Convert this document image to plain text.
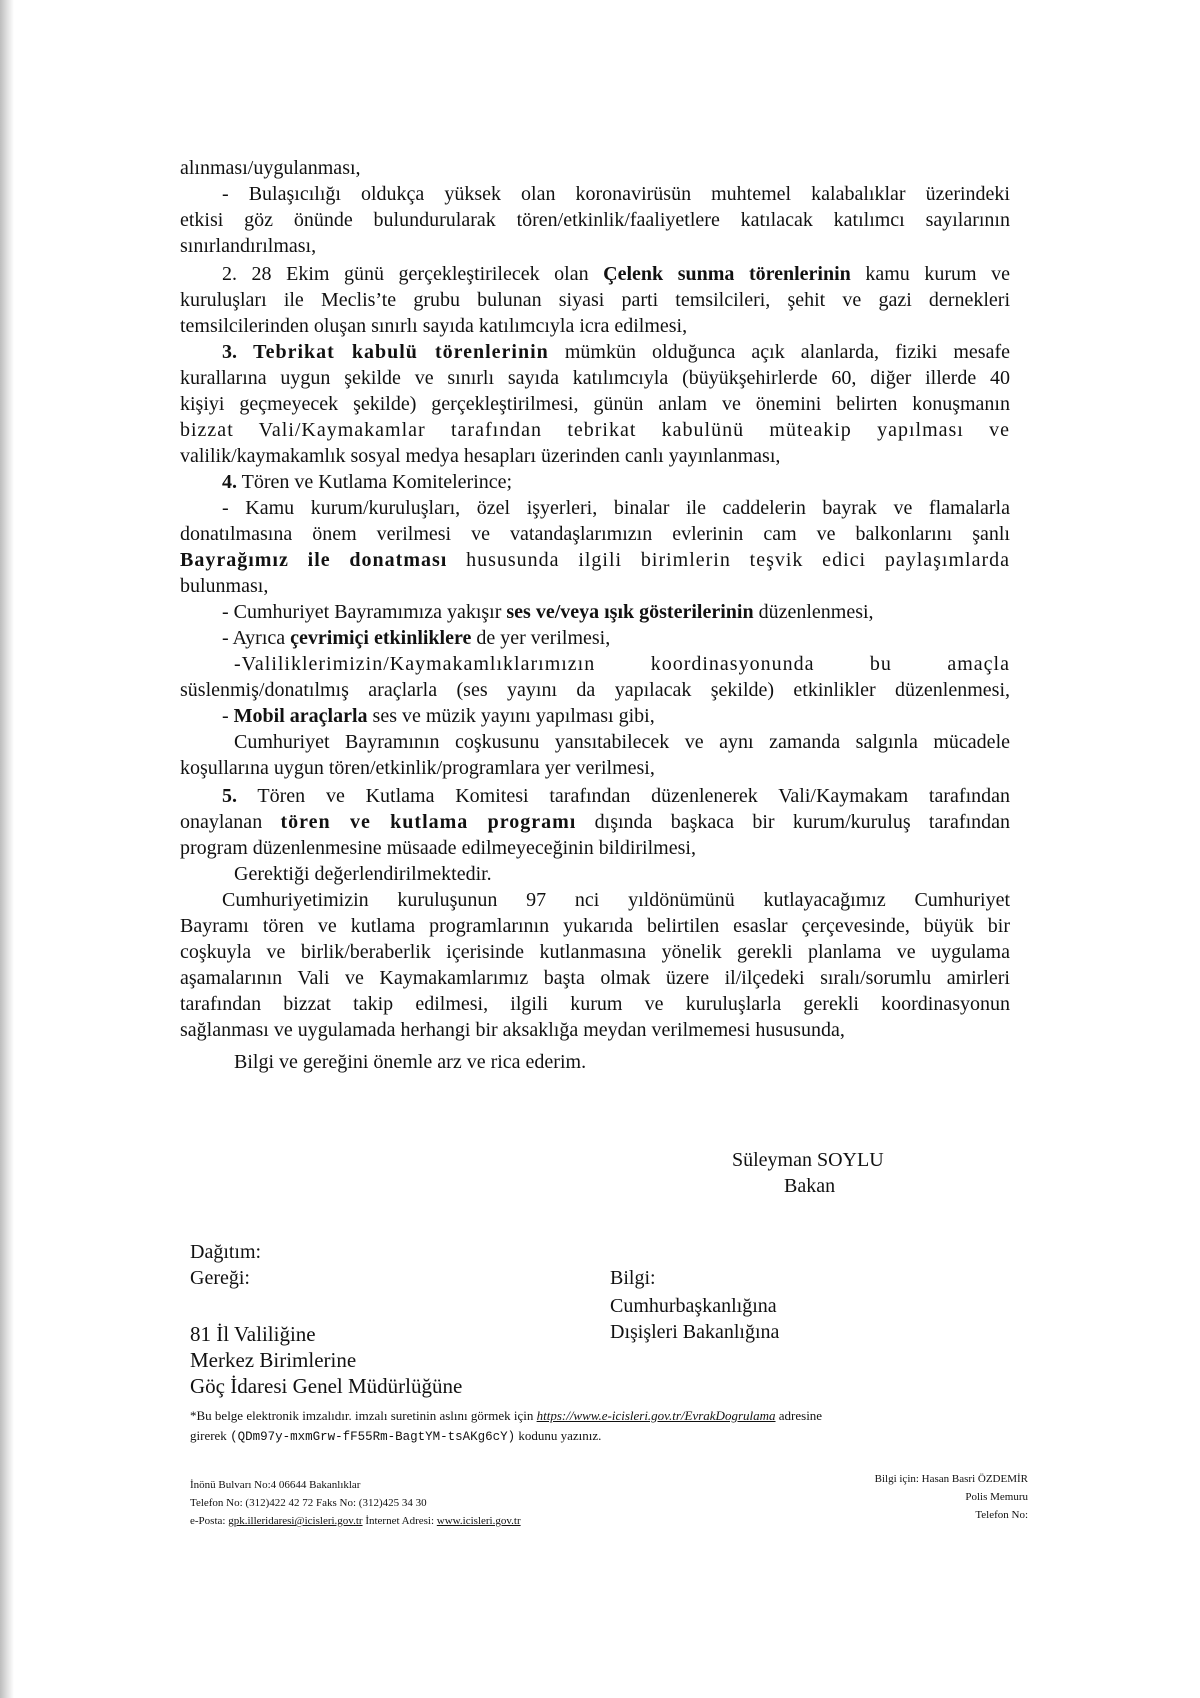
alınması/uygulanması,

- Bulaşıcılığı oldukça yüksek olan koronavirüsün muhtemel kalabalıklar üzerindeki

etkisi göz önünde bulundurularak tören/etkinlik/faaliyetlere katılacak katılımcı sayılarının

sınırlandırılması,

2. 28 Ekim günü gerçekleştirilecek olan Çelenk sunma törenlerinin kamu kurum ve

kuruluşları ile Meclis’te grubu bulunan siyasi parti temsilcileri, şehit ve gazi dernekleri

temsilcilerinden oluşan sınırlı sayıda katılımcıyla icra edilmesi,

3. Tebrikat kabulü törenlerinin mümkün olduğunca açık alanlarda, fiziki mesafe

kurallarına uygun şekilde ve sınırlı sayıda katılımcıyla (büyükşehirlerde 60, diğer illerde 40

kişiyi geçmeyecek şekilde) gerçekleştirilmesi, günün anlam ve önemini belirten konuşmanın

bizzat Vali/Kaymakamlar tarafından tebrikat kabulünü müteakip yapılması ve

valilik/kaymakamlık sosyal medya hesapları üzerinden canlı yayınlanması,

4. Tören ve Kutlama Komitelerince;

- Kamu kurum/kuruluşları, özel işyerleri, binalar ile caddelerin bayrak ve flamalarla

donatılmasına önem verilmesi ve vatandaşlarımızın evlerinin cam ve balkonlarını şanlı

Bayrağımız ile donatması hususunda ilgili birimlerin teşvik edici paylaşımlarda

bulunması,

- Cumhuriyet Bayramımıza yakışır ses ve/veya ışık gösterilerinin düzenlenmesi,

- Ayrıca çevrimiçi etkinliklere de yer verilmesi,

-Valiliklerimizin/Kaymakamlıklarımızın koordinasyonunda bu amaçla

süslenmiş/donatılmış araçlarla (ses yayını da yapılacak şekilde) etkinlikler düzenlenmesi,

- Mobil araçlarla ses ve müzik yayını yapılması gibi,

Cumhuriyet Bayramının coşkusunu yansıtabilecek ve aynı zamanda salgınla mücadele

koşullarına uygun tören/etkinlik/programlara yer verilmesi,

5. Tören ve Kutlama Komitesi tarafından düzenlenerek Vali/Kaymakam tarafından

onaylanan tören ve kutlama programı dışında başkaca bir kurum/kuruluş tarafından

program düzenlenmesine müsaade edilmeyeceğinin bildirilmesi,

Gerektiği değerlendirilmektedir.

Cumhuriyetimizin kuruluşunun 97 nci yıldönümünü kutlayacağımız Cumhuriyet

Bayramı tören ve kutlama programlarının yukarıda belirtilen esaslar çerçevesinde, büyük bir

coşkuyla ve birlik/beraberlik içerisinde kutlanmasına yönelik gerekli planlama ve uygulama

aşamalarının Vali ve Kaymakamlarımız başta olmak üzere il/ilçedeki sıralı/sorumlu amirleri

tarafından bizzat takip edilmesi, ilgili kurum ve kuruluşlarla gerekli koordinasyonun

sağlanması ve uygulamada herhangi bir aksaklığa meydan verilmemesi hususunda,

Bilgi ve gereğini önemle arz ve rica ederim.

Süleyman SOYLU

Bakan

Dağıtım:

Gereği:	Bilgi:

Cumhurbaşkanlığına

Dışişleri Bakanlığına

81 İl Valiliğine

Merkez Birimlerine

Göç İdaresi Genel Müdürlüğüne

*Bu belge elektronik imzalıdır. imzalı suretinin aslını görmek için https://www.e-icisleri.gov.tr/EvrakDogrulama adresine

girerek (QDm97y-mxmGrw-fF55Rm-BagtYM-tsAKg6cY) kodunu yazınız.

İnönü Bulvarı No:4 06644 Bakanlıklar

Telefon No: (312)422 42 72 Faks No: (312)425 34 30

e-Posta: gpk.illeridaresi@icisleri.gov.tr İnternet Adresi: www.icisleri.gov.tr

Bilgi için: Hasan Basri ÖZDEMİR

Polis Memuru

Telefon No:
